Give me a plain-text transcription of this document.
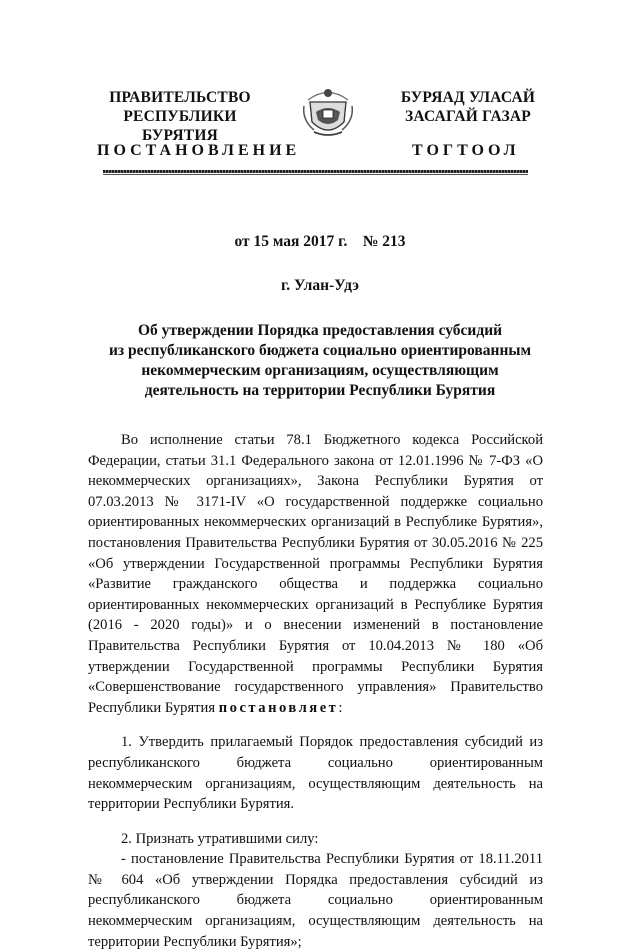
ПРАВИТЕЛЬСТВО
РЕСПУБЛИКИ БУРЯТИЯ
БУРЯАД УЛАСАЙ
ЗАСАГАЙ ГАЗАР
ПОСТАНОВЛЕНИЕ	ТОГТООЛ
от 15 мая 2017 г.    № 213
г. Улан-Удэ
Об утверждении Порядка предоставления субсидий
из республиканского бюджета социально ориентированным
некоммерческим организациям, осуществляющим
деятельность на территории Республики Бурятия

Во исполнение статьи 78.1 Бюджетного кодекса Российской Федерации, статьи 31.1 Федерального закона от 12.01.1996 № 7-ФЗ «О некоммерческих организациях», Закона Республики Бурятия от 07.03.2013 № 3171-IV «О государственной поддержке социально ориентированных некоммерческих организаций в Республике Бурятия», постановления Правительства Республики Бурятия от 30.05.2016 № 225 «Об утверждении Государственной программы Республики Бурятия «Развитие гражданского общества и поддержка социально ориентированных некоммерческих организаций в Республике Бурятия (2016 - 2020 годы)» и о внесении изменений в постановление Правительства Республики Бурятия от 10.04.2013 № 180 «Об утверждении Государственной программы Республики Бурятия «Совершенствование государственного управления» Правительство Республики Бурятия постановляет:

1. Утвердить прилагаемый Порядок предоставления субсидий из республиканского бюджета социально ориентированным некоммерческим организациям, осуществляющим деятельность на территории Республики Бурятия.

2. Признать утратившими силу:

- постановление Правительства Республики Бурятия от 18.11.2011 № 604 «Об утверждении Порядка предоставления субсидий из республиканского бюджета социально ориентированным некоммерческим организациям, осуществляющим деятельность на территории Республики Бурятия»;
